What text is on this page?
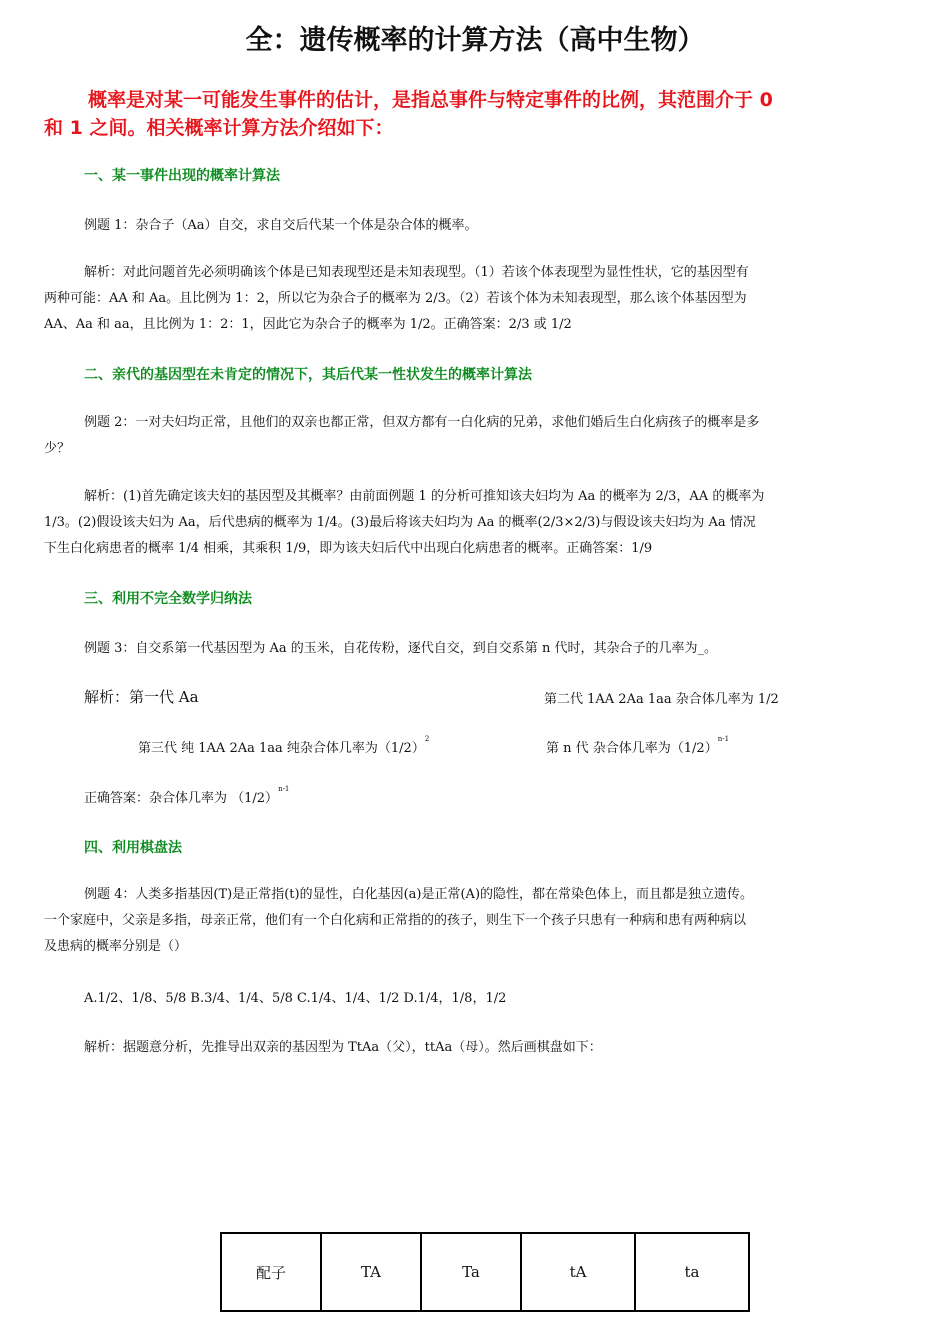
全：遗传概率的计算方法（高中生物）
概率是对某一可能发生事件的估计，是指总事件与特定事件的比例，其范围介于 0
和 1 之间。相关概率计算方法介绍如下：
一、某一事件出现的概率计算法
例题 1：杂合子（Aa）自交，求自交后代某一个体是杂合体的概率。
解析：对此问题首先必须明确该个体是已知表现型还是未知表现型。（1）若该个体表现型为显性性状，它的基因型有
两种可能：AA 和 Aa。且比例为 1：2，所以它为杂合子的概率为 2/3。（2）若该个体为未知表现型，那么该个体基因型为
AA、Aa 和 aa，且比例为 1：2：1，因此它为杂合子的概率为 1/2。正确答案：2/3 或 1/2
二、亲代的基因型在未肯定的情况下，其后代某一性状发生的概率计算法
例题 2：一对夫妇均正常，且他们的双亲也都正常，但双方都有一白化病的兄弟，求他们婚后生白化病孩子的概率是多
少？
解析：(1)首先确定该夫妇的基因型及其概率？由前面例题 1 的分析可推知该夫妇均为 Aa 的概率为 2/3，AA 的概率为
1/3。(2)假设该夫妇为 Aa，后代患病的概率为 1/4。(3)最后将该夫妇均为 Aa 的概率(2/3×2/3)与假设该夫妇均为 Aa 情况
下生白化病患者的概率 1/4 相乘，其乘积 1/9，即为该夫妇后代中出现白化病患者的概率。正确答案：1/9
三、利用不完全数学归纳法
例题 3：自交系第一代基因型为 Aa 的玉米，自花传粉，逐代自交，到自交系第 n 代时，其杂合子的几率为_。
解析：第一代 Aa	第二代 1AA 2Aa 1aa 杂合体几率为 1/2
第三代 纯 1AA 2Aa 1aa 纯杂合体几率为$(1/2)^2$
第 n 代 杂合体几率为$(1/2)^{n-1}$
正确答案：杂合体几率为 $(1/2)^{n-1}$
四、利用棋盘法
例题 4：人类多指基因(T)是正常指(t)的显性，白化基因(a)是正常(A)的隐性，都在常染色体上，而且都是独立遗传。
一个家庭中，父亲是多指，母亲正常，他们有一个白化病和正常指的的孩子，则生下一个孩子只患有一种病和患有两种病以
及患病的概率分别是（）
A.1/2、1/8、5/8 B.3/4、1/4、5/8 C.1/4、1/4、1/2 D.1/4，1/8，1/2
解析：据题意分析，先推导出双亲的基因型为 TtAa（父），ttAa（母）。然后画棋盘如下：
配子	TA	Ta	tA	ta
